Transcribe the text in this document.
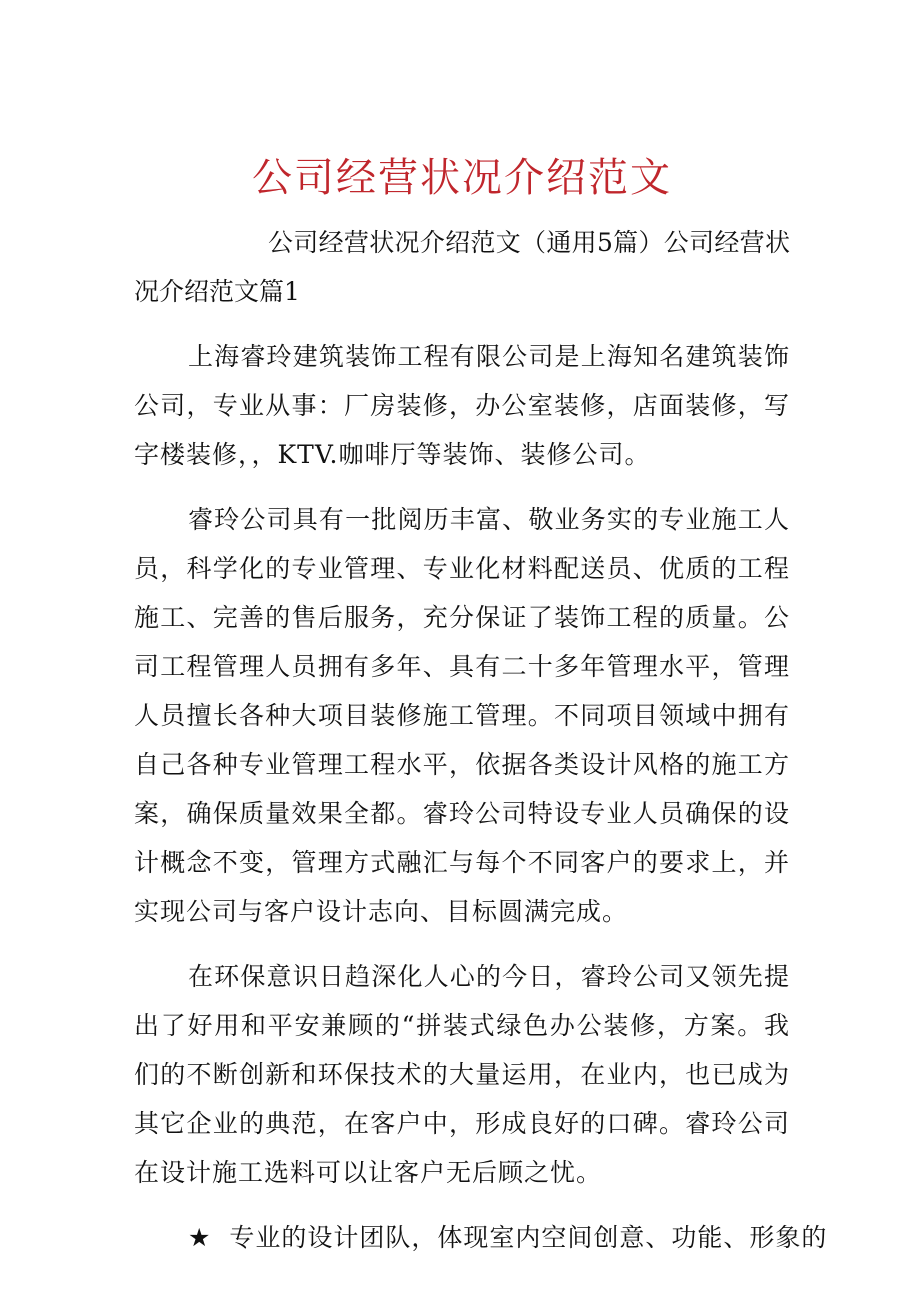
公司经营状况介绍范文

公司经营状况介绍范文（通用5篇）公司经营状况介绍范文篇1

上海睿玲建筑装饰工程有限公司是上海知名建筑装饰公司，专业从事：厂房装修，办公室装修，店面装修，写字楼装修，，KTV.咖啡厅等装饰、装修公司。

睿玲公司具有一批阅历丰富、敬业务实的专业施工人员，科学化的专业管理、专业化材料配送员、优质的工程施工、完善的售后服务，充分保证了装饰工程的质量。公司工程管理人员拥有多年、具有二十多年管理水平，管理人员擅长各种大项目装修施工管理。不同项目领域中拥有自己各种专业管理工程水平，依据各类设计风格的施工方案，确保质量效果全都。睿玲公司特设专业人员确保的设计概念不变，管理方式融汇与每个不同客户的要求上，并实现公司与客户设计志向、目标圆满完成。

在环保意识日趋深化人心的今日，睿玲公司又领先提出了好用和平安兼顾的“拼装式绿色办公装修，方案。我们的不断创新和环保技术的大量运用，在业内，也已成为其它企业的典范，在客户中，形成良好的口碑。睿玲公司在设计施工选料可以让客户无后顾之忧。

★ 专业的设计团队，体现室内空间创意、功能、形象的
